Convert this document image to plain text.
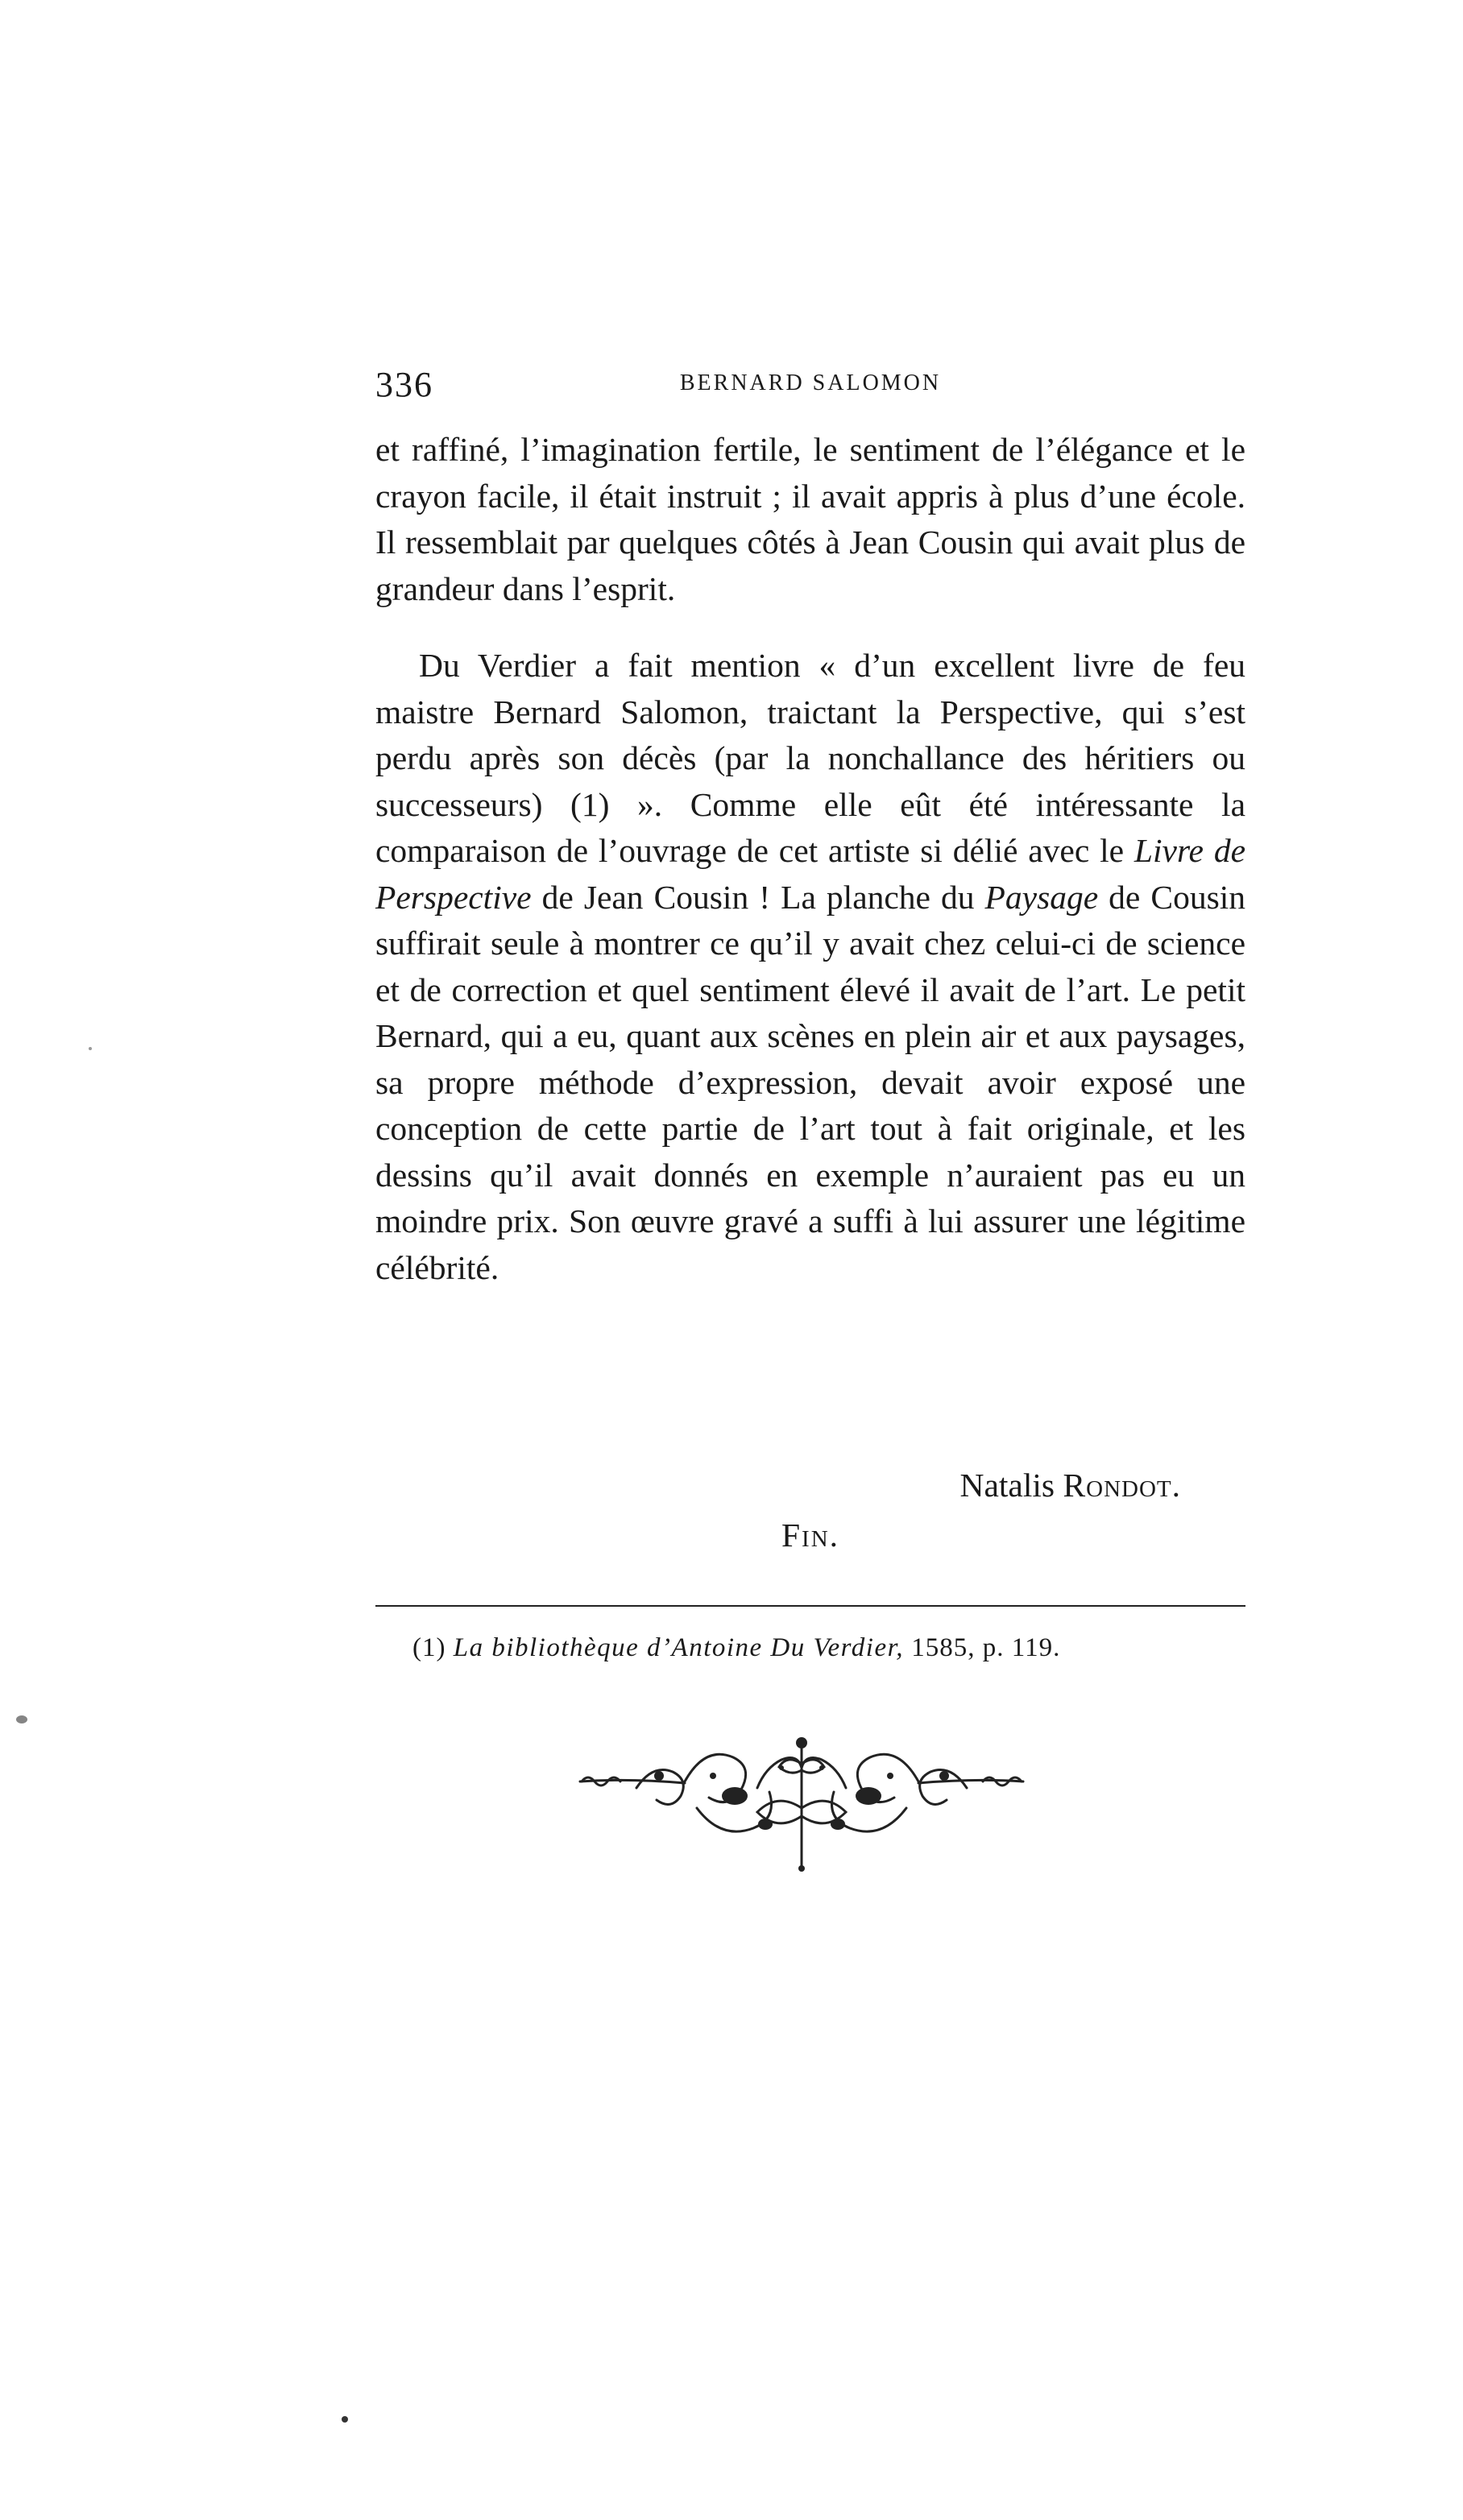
336	BERNARD SALOMON

et raffiné, l’imagination fertile, le sentiment de l’élégance et le crayon facile, il était instruit ; il avait appris à plus d’une école. Il ressemblait par quelques côtés à Jean Cousin qui avait plus de grandeur dans l’esprit.

Du Verdier a fait mention « d’un excellent livre de feu maistre Bernard Salomon, traictant la Perspective, qui s’est perdu après son décès (par la nonchallance des héritiers ou successeurs) (1) ». Comme elle eût été intéressante la comparaison de l’ouvrage de cet artiste si délié avec le Livre de Perspective de Jean Cousin ! La planche du Paysage de Cousin suffirait seule à montrer ce qu’il y avait chez celui-ci de science et de correction et quel sentiment élevé il avait de l’art. Le petit Bernard, qui a eu, quant aux scènes en plein air et aux paysages, sa propre méthode d’expression, devait avoir exposé une conception de cette partie de l’art tout à fait originale, et les dessins qu’il avait donnés en exemple n’auraient pas eu un moindre prix. Son œuvre gravé a suffi à lui assurer une légitime célébrité.

Natalis Rondot.
Fin.
(1) La bibliothèque d’Antoine Du Verdier, 1585, p. 119.
